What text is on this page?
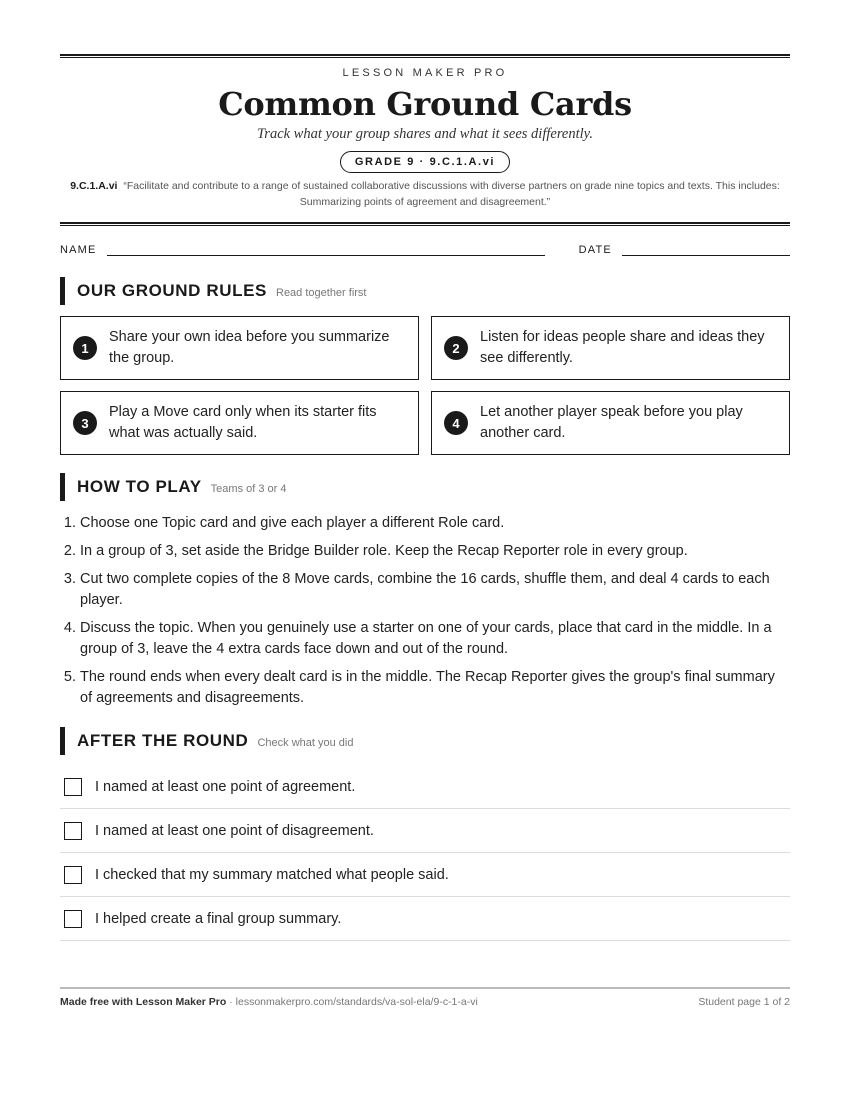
LESSON MAKER PRO
Common Ground Cards
Track what your group shares and what it sees differently.
GRADE 9 · 9.C.1.A.vi
9.C.1.A.vi “Facilitate and contribute to a range of sustained collaborative discussions with diverse partners on grade nine topics and texts. This includes: Summarizing points of agreement and disagreement.”
NAME	DATE
OUR GROUND RULES Read together first
1
Share your own idea before you summarize the group.
2
Listen for ideas people share and ideas they see differently.
3
Play a Move card only when its starter fits what was actually said.
4
Let another player speak before you play another card.
HOW TO PLAY Teams of 3 or 4
1. Choose one Topic card and give each player a different Role card.
2. In a group of 3, set aside the Bridge Builder role. Keep the Recap Reporter role in every group.
3. Cut two complete copies of the 8 Move cards, combine the 16 cards, shuffle them, and deal 4 cards to each player.
4. Discuss the topic. When you genuinely use a starter on one of your cards, place that card in the middle. In a group of 3, leave the 4 extra cards face down and out of the round.
5. The round ends when every dealt card is in the middle. The Recap Reporter gives the group's final summary of agreements and disagreements.
AFTER THE ROUND Check what you did
I named at least one point of agreement.
I named at least one point of disagreement.
I checked that my summary matched what people said.
I helped create a final group summary.
Made free with Lesson Maker Pro · lessonmakerpro.com/standards/va-sol-ela/9-c-1-a-vi	Student page 1 of 2
